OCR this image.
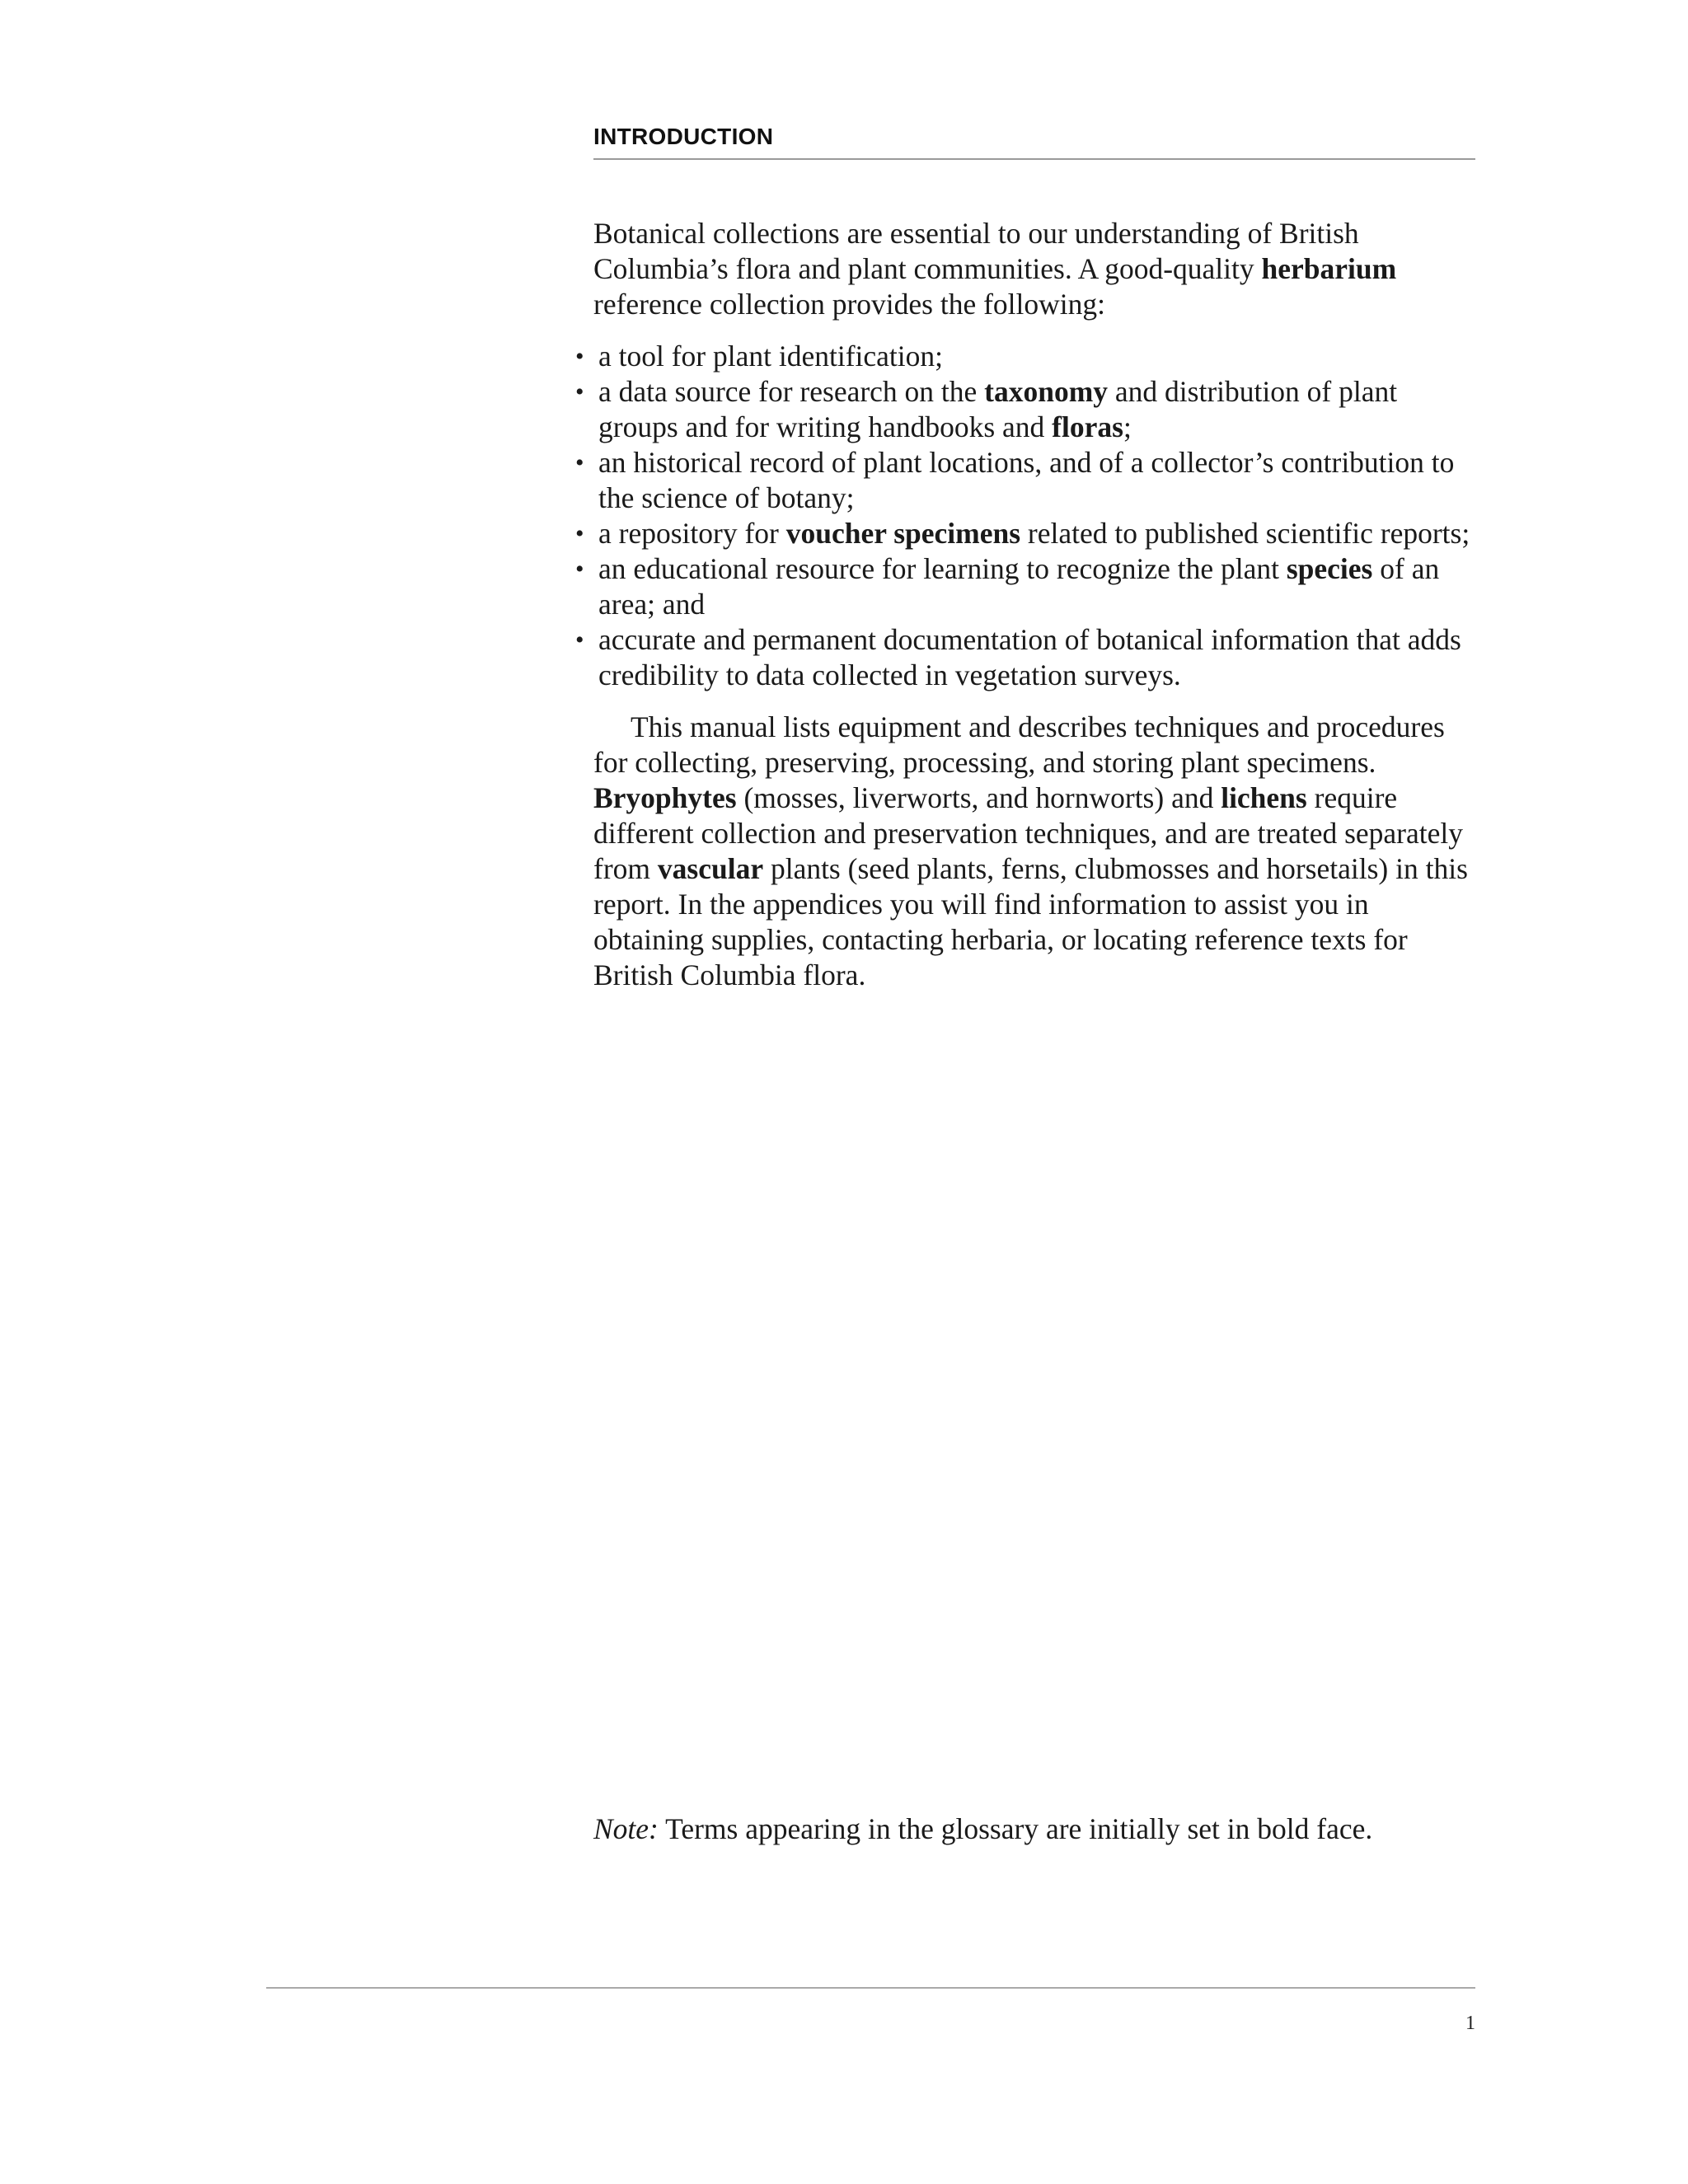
INTRODUCTION

Botanical collections are essential to our understanding of British Columbia’s flora and plant communities. A good-quality herbarium reference collection provides the following:

• a tool for plant identification;
• a data source for research on the taxonomy and distribution of plant groups and for writing handbooks and floras;
• an historical record of plant locations, and of a collector’s contribution to the science of botany;
• a repository for voucher specimens related to published scientific reports;
• an educational resource for learning to recognize the plant species of an area; and
• accurate and permanent documentation of botanical information that adds credibility to data collected in vegetation surveys.

This manual lists equipment and describes techniques and procedures for collecting, preserving, processing, and storing plant specimens. Bryophytes (mosses, liverworts, and hornworts) and lichens require different collection and preservation techniques, and are treated separately from vascular plants (seed plants, ferns, clubmosses and horsetails) in this report. In the appendices you will find information to assist you in obtaining supplies, contacting herbaria, or locating reference texts for British Columbia flora.

Note: Terms appearing in the glossary are initially set in bold face.

1
